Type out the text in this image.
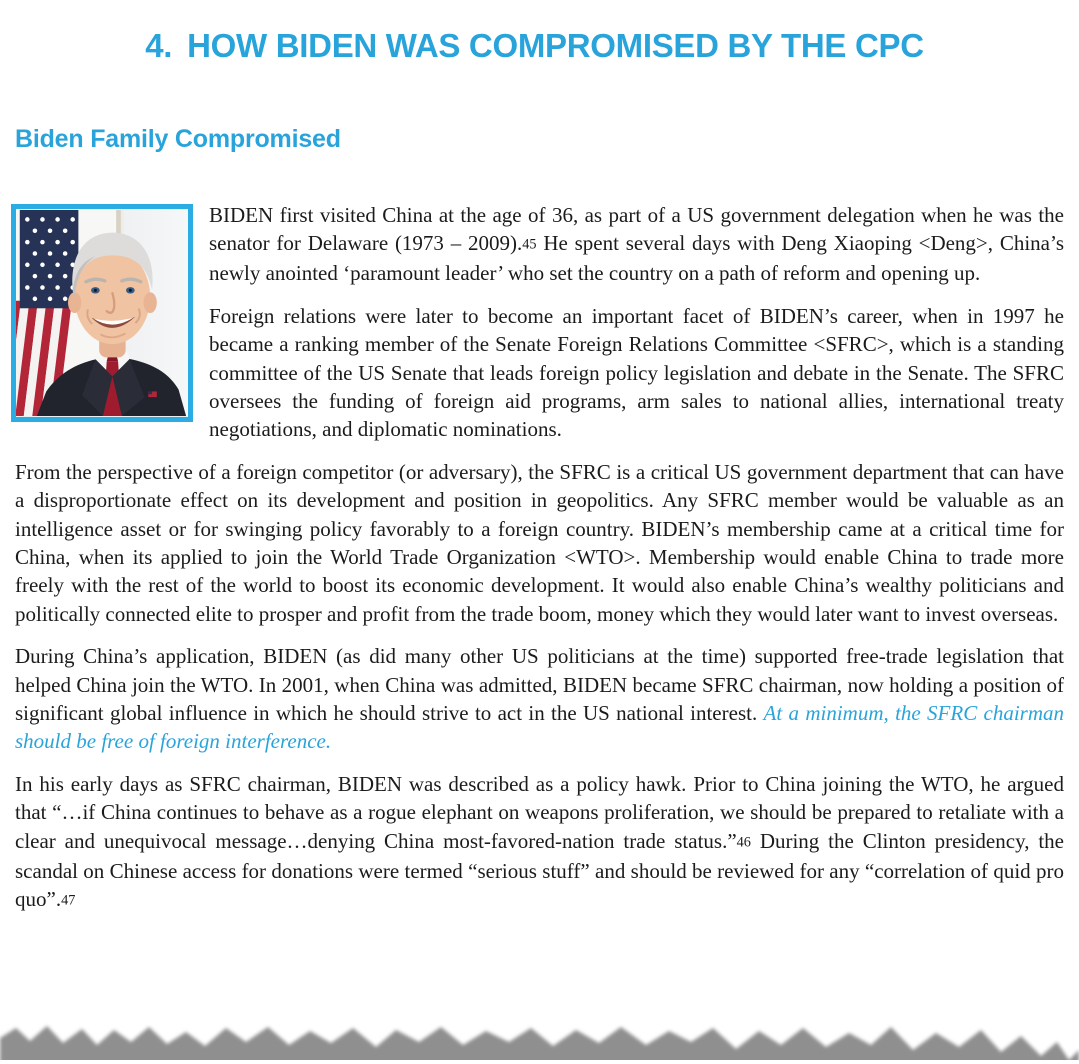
4. HOW BIDEN WAS COMPROMISED BY THE CPC
Biden Family Compromised

BIDEN first visited China at the age of 36, as part of a US government delegation when he was the senator for Delaware (1973 – 2009).45 He spent several days with Deng Xiaoping <Deng>, China’s newly anointed ‘paramount leader’ who set the country on a path of reform and opening up.

Foreign relations were later to become an important facet of BIDEN’s career, when in 1997 he became a ranking member of the Senate Foreign Relations Committee <SFRC>, which is a standing committee of the US Senate that leads foreign policy legislation and debate in the Senate. The SFRC oversees the funding of foreign aid programs, arm sales to national allies, international treaty negotiations, and diplomatic nominations.

From the perspective of a foreign competitor (or adversary), the SFRC is a critical US government department that can have a disproportionate effect on its development and position in geopolitics. Any SFRC member would be valuable as an intelligence asset or for swinging policy favorably to a foreign country. BIDEN’s membership came at a critical time for China, when its applied to join the World Trade Organization <WTO>. Membership would enable China to trade more freely with the rest of the world to boost its economic development. It would also enable China’s wealthy politicians and politically connected elite to prosper and profit from the trade boom, money which they would later want to invest overseas.

During China’s application, BIDEN (as did many other US politicians at the time) supported free-trade legislation that helped China join the WTO. In 2001, when China was admitted, BIDEN became SFRC chairman, now holding a position of significant global influence in which he should strive to act in the US national interest. At a minimum, the SFRC chairman should be free of foreign interference.

In his early days as SFRC chairman, BIDEN was described as a policy hawk. Prior to China joining the WTO, he argued that “…if China continues to behave as a rogue elephant on weapons proliferation, we should be prepared to retaliate with a clear and unequivocal message…denying China most-favored-nation trade status.”46 During the Clinton presidency, the scandal on Chinese access for donations were termed “serious stuff” and should be reviewed for any “correlation of quid pro quo”.47
